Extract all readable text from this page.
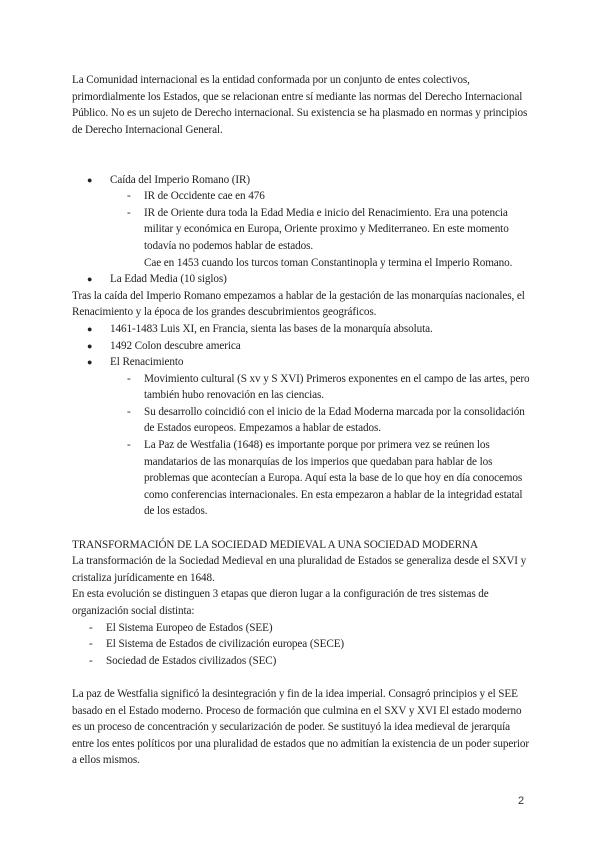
La Comunidad internacional es la entidad conformada por un conjunto de entes colectivos, primordialmente los Estados, que se relacionan entre sí mediante las normas del Derecho Internacional Público. No es un sujeto de Derecho internacional. Su existencia se ha plasmado en normas y principios de Derecho Internacional General.

● Caída del Imperio Romano (IR)
- IR de Occidente cae en 476
- IR de Oriente dura toda la Edad Media e inicio del Renacimiento. Era una potencia militar y económica en Europa, Oriente proximo y Mediterraneo. En este momento todavía no podemos hablar de estados.
Cae en 1453 cuando los turcos toman Constantinopla y termina el Imperio Romano.
● La Edad Media (10 siglos)

Tras la caída del Imperio Romano empezamos a hablar de la gestación de las monarquías nacionales, el Renacimiento y la época de los grandes descubrimientos geográficos.

● 1461-1483 Luis XI, en Francia, sienta las bases de la monarquía absoluta.
● 1492 Colon descubre america
● El Renacimiento
- Movimiento cultural (S xv y S XVI) Primeros exponentes en el campo de las artes, pero también hubo renovación en las ciencias.
- Su desarrollo coincidió con el inicio de la Edad Moderna marcada por la consolidación de Estados europeos. Empezamos a hablar de estados.
- La Paz de Westfalia (1648) es importante porque por primera vez se reúnen los mandatarios de las monarquías de los imperios que quedaban para hablar de los problemas que acontecían a Europa. Aquí esta la base de lo que hoy en día conocemos como conferencias internacionales. En esta empezaron a hablar de la integridad estatal de los estados.

TRANSFORMACIÓN DE LA SOCIEDAD MEDIEVAL A UNA SOCIEDAD MODERNA

La transformación de la Sociedad Medieval en una pluralidad de Estados se generaliza desde el SXVI y cristaliza jurídicamente en 1648.

En esta evolución se distinguen 3 etapas que dieron lugar a la configuración de tres sistemas de organización social distinta:

- El Sistema Europeo de Estados (SEE)
- El Sistema de Estados de civilización europea (SECE)
- Sociedad de Estados civilizados (SEC)

La paz de Westfalia significó la desintegración y fin de la idea imperial. Consagró principios y el SEE basado en el Estado moderno. Proceso de formación que culmina en el SXV y XVI El estado moderno es un proceso de concentración y secularización de poder. Se sustituyó la idea medieval de jerarquía entre los entes políticos por una pluralidad de estados que no admitían la existencia de un poder superior a ellos mismos.

2
